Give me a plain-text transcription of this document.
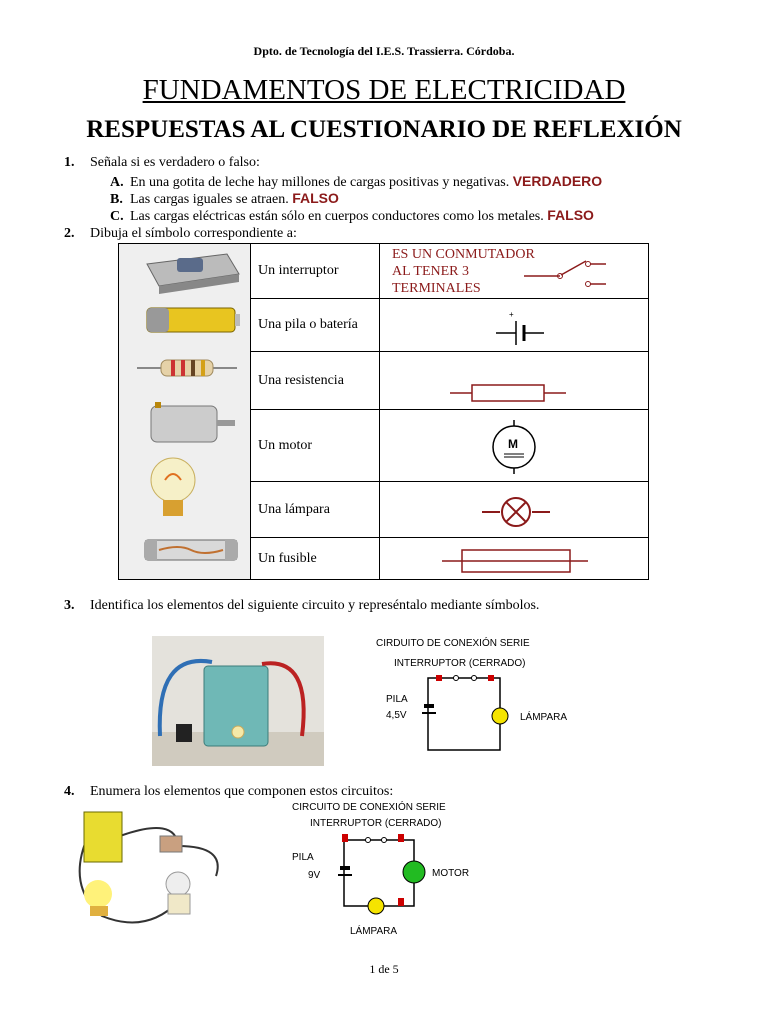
Dpto. de Tecnología del I.E.S. Trassierra. Córdoba.
FUNDAMENTOS DE ELECTRICIDAD
RESPUESTAS AL CUESTIONARIO DE REFLEXIÓN
1. Señala si es verdadero o falso:
A. En una gotita de leche hay millones de cargas positivas y negativas. VERDADERO
B. Las cargas iguales se atraen. FALSO
C. Las cargas eléctricas están sólo en cuerpos conductores como los metales. FALSO
2. Dibuja el símbolo correspondiente a:
Un interruptor
Una pila o batería
Una resistencia
Un motor
Una lámpara
Un fusible
ES UN CONMUTADOR
AL TENER 3
TERMINALES
+
M
3. Identifica los elementos del siguiente circuito y represéntalo mediante símbolos.
CIRDUITO DE CONEXIÓN SERIE
INTERRUPTOR (CERRADO)
PILA
4,5V	LÁMPARA
4. Enumera los elementos que componen estos circuitos:
CIRCUITO DE CONEXIÓN SERIE
INTERRUPTOR (CERRADO)
PILA
9V	MOTOR
LÁMPARA
1 de 5
